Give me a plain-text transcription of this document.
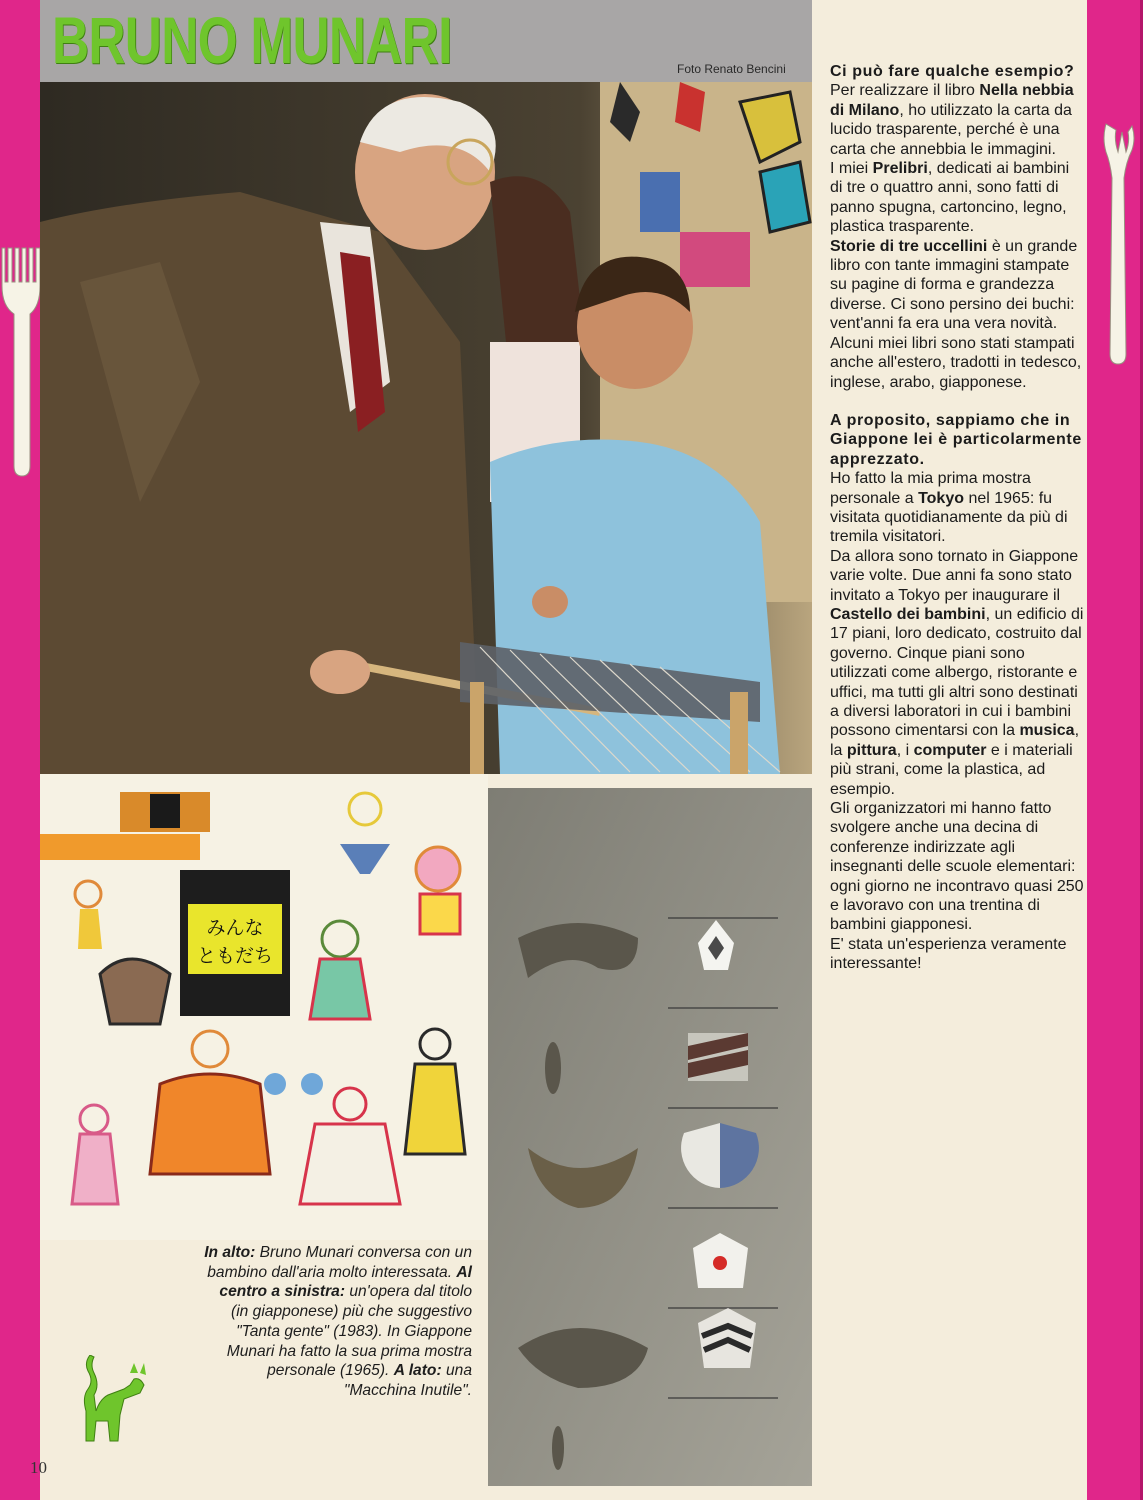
BRUNO MUNARI	Foto Renato Bencini
みんな
ともだち
In alto: Bruno Munari conversa con un bambino dall'aria molto interessata. Al centro a sinistra: un'opera dal titolo (in giapponese) più che suggestivo "Tanta gente" (1983). In Giappone Munari ha fatto la sua prima mostra personale (1965). A lato: una "Macchina Inutile".
10

Ci può fare qualche esempio?

Per realizzare il libro Nella nebbia di Milano, ho utilizzato la carta da lucido trasparente, perché è una carta che annebbia le immagini.

I miei Prelibri, dedicati ai bambini di tre o quattro anni, sono fatti di panno spugna, cartoncino, legno, plastica trasparente.

Storie di tre uccellini è un grande libro con tante immagini stampate su pagine di forma e grandezza diverse. Ci sono persino dei buchi: vent'anni fa era una vera novità.

Alcuni miei libri sono stati stampati anche all'estero, tradotti in tedesco, inglese, arabo, giapponese.

A proposito, sappiamo che in Giappone lei è particolarmente apprezzato.

Ho fatto la mia prima mostra personale a Tokyo nel 1965: fu visitata quotidianamente da più di tremila visitatori.

Da allora sono tornato in Giappone varie volte. Due anni fa sono stato invitato a Tokyo per inaugurare il Castello dei bambini, un edificio di 17 piani, loro dedicato, costruito dal governo. Cinque piani sono utilizzati come albergo, ristorante e uffici, ma tutti gli altri sono destinati a diversi laboratori in cui i bambini possono cimentarsi con la musica, la pittura, i computer e i materiali più strani, come la plastica, ad esempio.

Gli organizzatori mi hanno fatto svolgere anche una decina di conferenze indirizzate agli insegnanti delle scuole elementari: ogni giorno ne incontravo quasi 250 e lavoravo con una trentina di bambini giapponesi.

E' stata un'esperienza veramente interessante!
